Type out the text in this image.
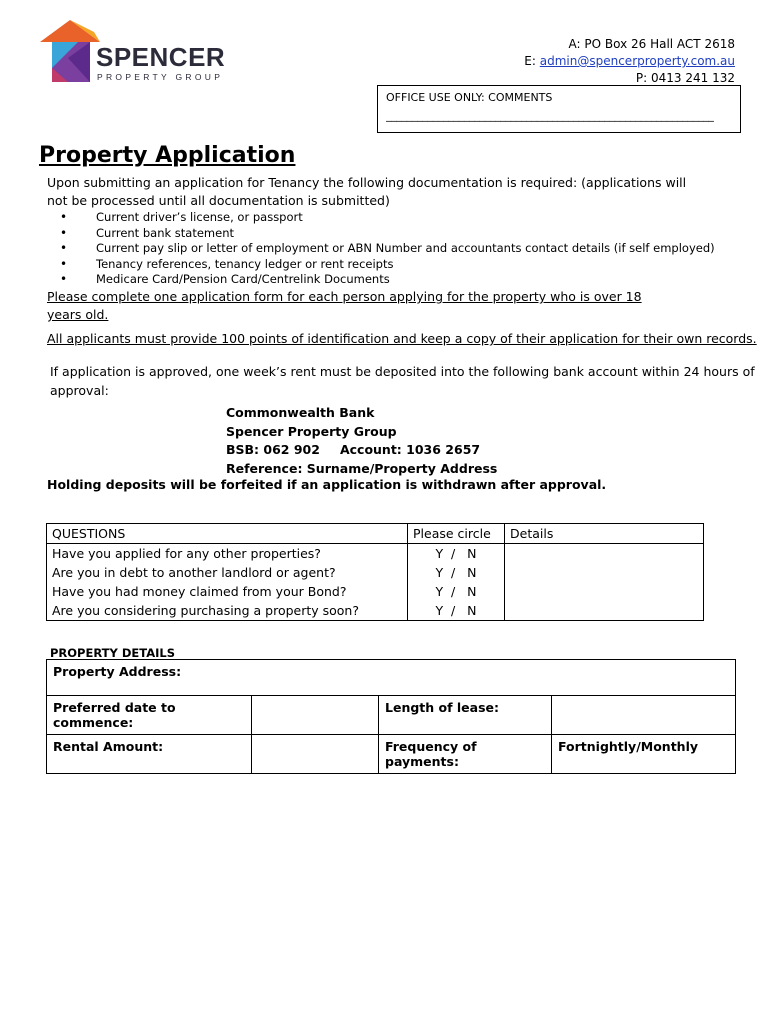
SPENCER
PROPERTY GROUP
A: PO Box 26 Hall ACT 2618
E: admin@spencerproperty.com.au
P: 0413 241 132
OFFICE USE ONLY: COMMENTS
_______________________________________________________________
Property Application
Upon submitting an application for Tenancy the following documentation is required: (applications will not be processed until all documentation is submitted)
• Current driver’s license, or passport
• Current bank statement
• Current pay slip or letter of employment or ABN Number and accountants contact details (if self employed)
• Tenancy references, tenancy ledger or rent receipts
• Medicare Card/Pension Card/Centrelink Documents
Please complete one application form for each person applying for the property who is over 18 years old.
All applicants must provide 100 points of identification and keep a copy of their application for their own records.
If application is approved, one week’s rent must be deposited into the following bank account within 24 hours of approval:
Commonwealth Bank
Spencer Property Group
BSB: 062 902 Account: 1036 2657
Reference: Surname/Property Address
Holding deposits will be forfeited if an application is withdrawn after approval.
QUESTIONS	Please circle	Details
Have you applied for any other properties?	Y  /   N	
Are you in debt to another landlord or agent?	Y  /   N	
Have you had money claimed from your Bond?	Y  /   N	
Are you considering purchasing a property soon?	Y  /   N	
PROPERTY DETAILS
Property Address:			
Preferred date to commence:		Length of lease:	
Rental Amount:		Frequency of payments:	Fortnightly/Monthly
